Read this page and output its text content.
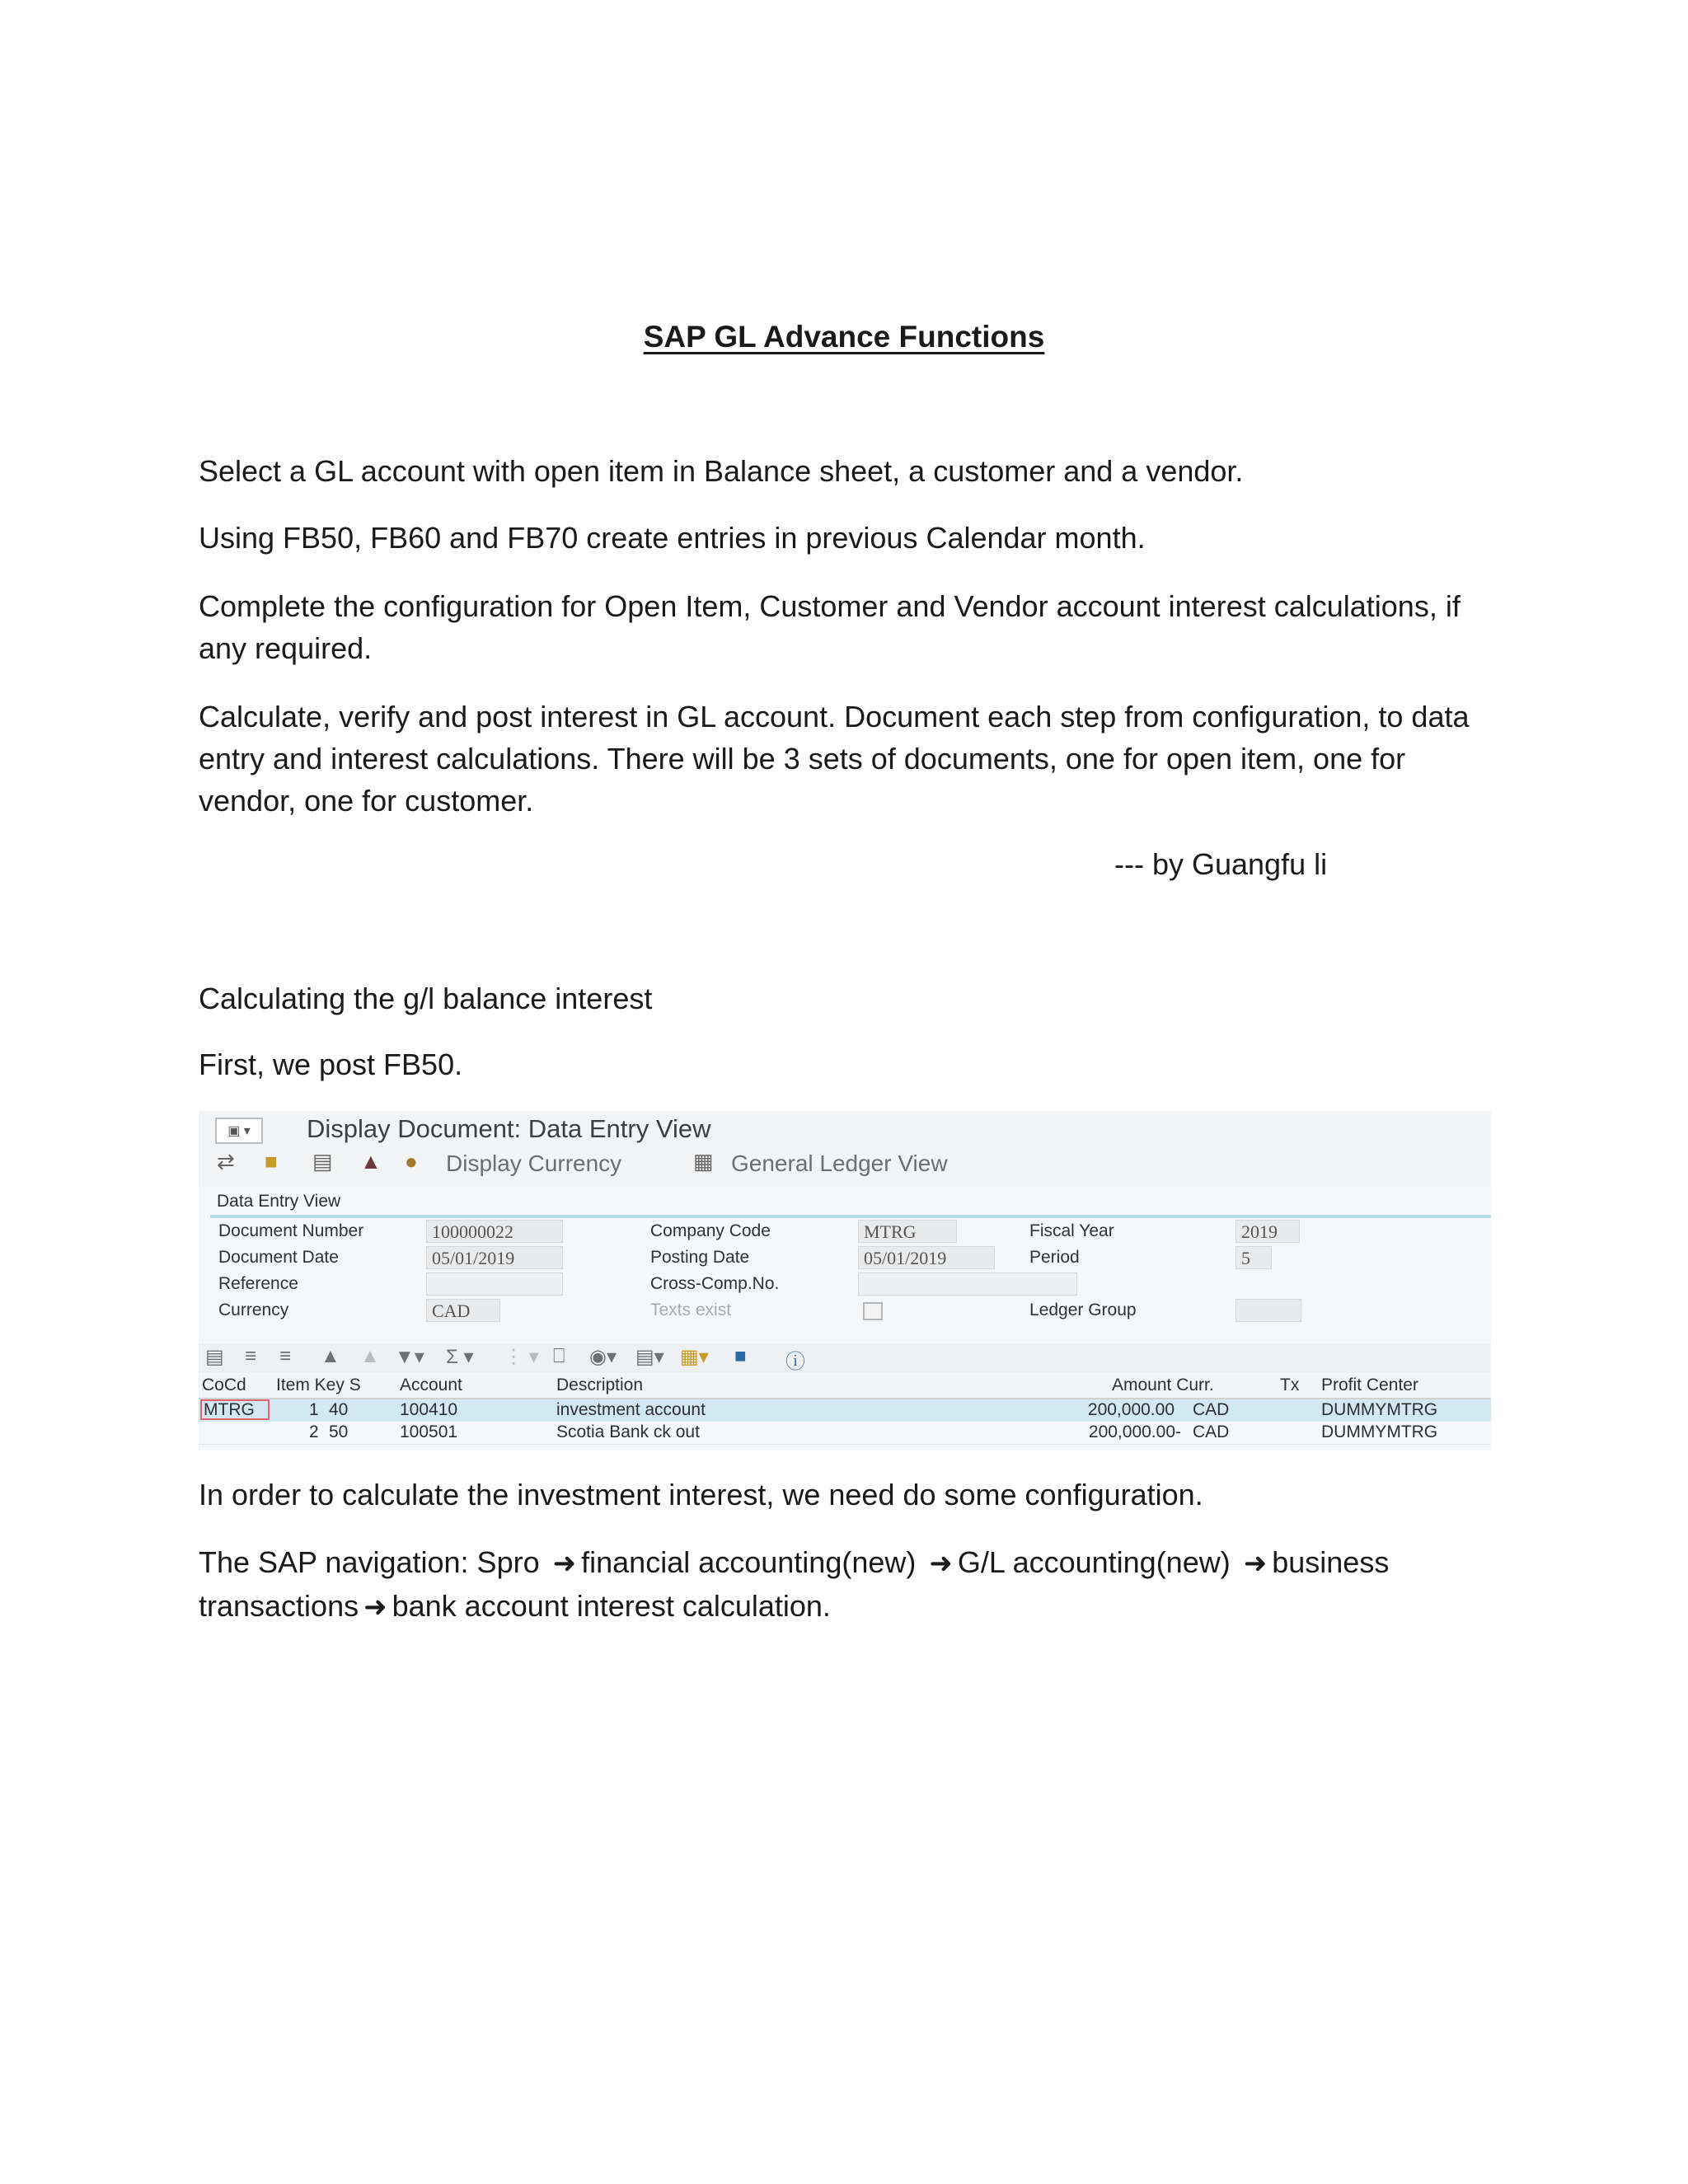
SAP GL Advance Functions
Select a GL account with open item in Balance sheet, a customer and a vendor.
Using FB50, FB60 and FB70 create entries in previous Calendar month.
Complete the configuration for Open Item, Customer and Vendor account interest calculations, if any required.
Calculate, verify and post interest in GL account. Document each step from configuration, to data entry and interest calculations. There will be 3 sets of documents, one for open item, one for vendor, one for customer.
--- by Guangfu li
Calculating the g/l balance interest
First, we post FB50.
▣ ▾ Display Document: Data Entry View
⇄ ■ ▤ ▲ ● Display Currency	▦ General Ledger View
Data Entry View
Document Number	100000022
Document Date	05/01/2019
Reference
Currency	CAD
Company Code	MTRG
Posting Date	05/01/2019
Cross-Comp.No.
Texts exist
Fiscal Year	2019
Period	5
Ledger Group
▤ ≡ ≡ ▲ ▲ ▼▾ Σ ▾ ⋮ ▾ ⎕ ◉▾ ▤▾ ▦▾ ■ ⓘ
CoCd Item Key S Account	Description	Amount Curr.	Tx Profit Center
MTRG	1 40	100410	investment account	200,000.00 CAD	DUMMYMTRG
2 50	100501	Scotia Bank ck out	200,000.00- CAD	DUMMYMTRG
In order to calculate the investment interest, we need do some configuration.
The SAP navigation: Spro ➜ financial accounting(new) ➜ G/L accounting(new) ➜ business transactions ➜ bank account interest calculation.
